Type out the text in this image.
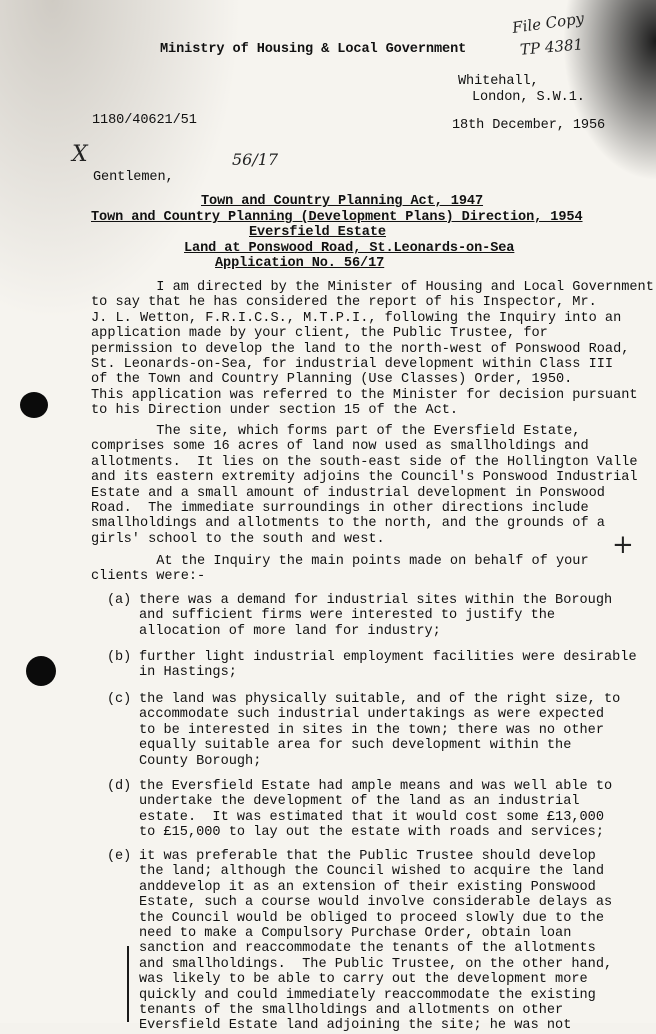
File Copy
TP 4381
X	56/17
+
Ministry of Housing & Local Government
Whitehall,
London, S.W.1.
1180/40621/51	18th December, 1956
Gentlemen,
Town and Country Planning Act, 1947
Town and Country Planning (Development Plans) Direction, 1954
Eversfield Estate
Land at Ponswood Road, St.Leonards-on-Sea
Application No. 56/17
I am directed by the Minister of Housing and Local Government
to say that he has considered the report of his Inspector, Mr.
J. L. Wetton, F.R.I.C.S., M.T.P.I., following the Inquiry into an
application made by your client, the Public Trustee, for
permission to develop the land to the north-west of Ponswood Road,
St. Leonards-on-Sea, for industrial development within Class III
of the Town and Country Planning (Use Classes) Order, 1950.
This application was referred to the Minister for decision pursuant
to his Direction under section 15 of the Act.
The site, which forms part of the Eversfield Estate,
comprises some 16 acres of land now used as smallholdings and
allotments.  It lies on the south-east side of the Hollington Valle
and its eastern extremity adjoins the Council's Ponswood Industrial
Estate and a small amount of industrial development in Ponswood
Road.  The immediate surroundings in other directions include
smallholdings and allotments to the north, and the grounds of a
girls' school to the south and west.
At the Inquiry the main points made on behalf of your
clients were:-
(a) there was a demand for industrial sites within the Borough
and sufficient firms were interested to justify the
allocation of more land for industry;
(b) further light industrial employment facilities were desirable
in Hastings;
(c) the land was physically suitable, and of the right size, to
accommodate such industrial undertakings as were expected
to be interested in sites in the town; there was no other
equally suitable area for such development within the
County Borough;
(d) the Eversfield Estate had ample means and was well able to
undertake the development of the land as an industrial
estate.  It was estimated that it would cost some £13,000
to £15,000 to lay out the estate with roads and services;
(e) it was preferable that the Public Trustee should develop
the land; although the Council wished to acquire the land
anddevelop it as an extension of their existing Ponswood
Estate, such a course would involve considerable delays as
the Council would be obliged to proceed slowly due to the
need to make a Compulsory Purchase Order, obtain loan
sanction and reaccommodate the tenants of the allotments
and smallholdings.  The Public Trustee, on the other hand,
was likely to be able to carry out the development more
quickly and could immediately reaccommodate the existing
tenants of the smallholdings and allotments on other
Eversfield Estate land adjoining the site; he was not
